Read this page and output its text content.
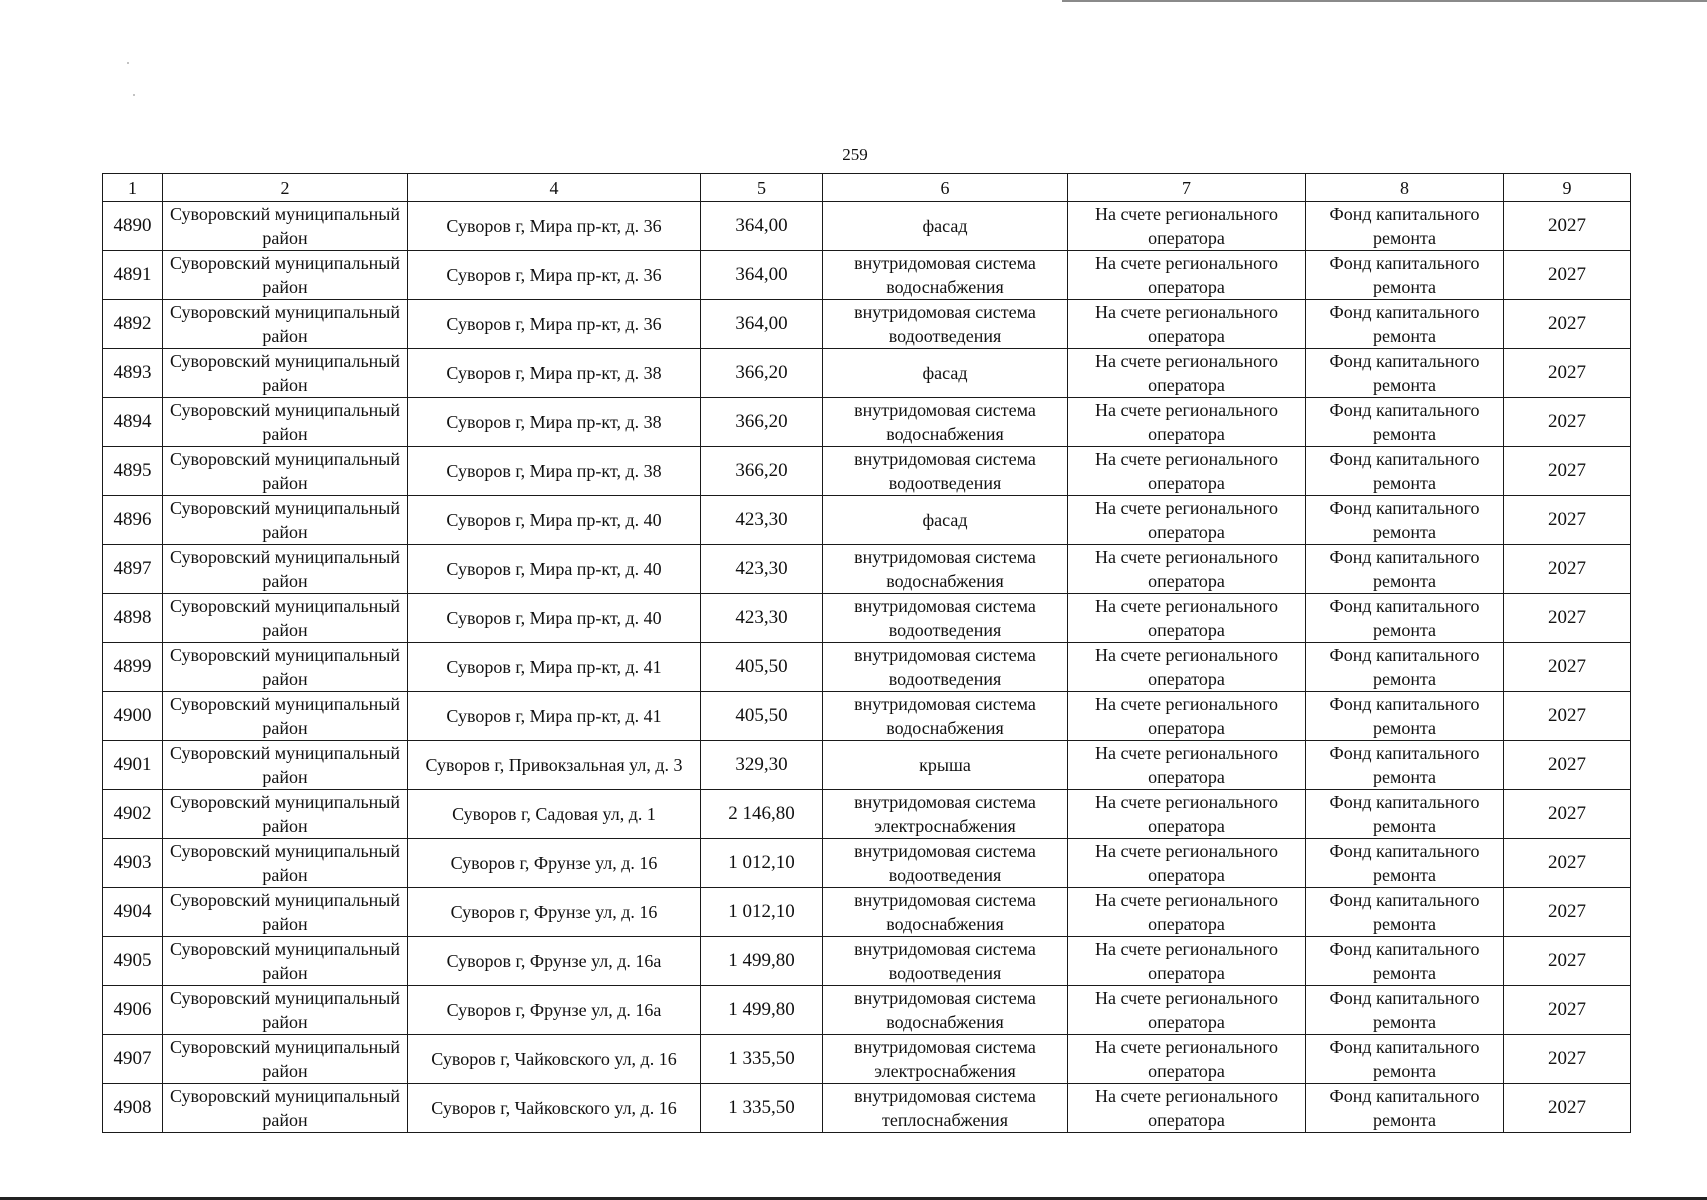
259
1	2	4	5	6	7	8	9
4890	Суворовский муниципальный район	Суворов г, Мира пр-кт, д. 36	364,00	фасад	На счете регионального оператора	Фонд капитального ремонта	2027
4891	Суворовский муниципальный район	Суворов г, Мира пр-кт, д. 36	364,00	внутридомовая система водоснабжения	На счете регионального оператора	Фонд капитального ремонта	2027
4892	Суворовский муниципальный район	Суворов г, Мира пр-кт, д. 36	364,00	внутридомовая система водоотведения	На счете регионального оператора	Фонд капитального ремонта	2027
4893	Суворовский муниципальный район	Суворов г, Мира пр-кт, д. 38	366,20	фасад	На счете регионального оператора	Фонд капитального ремонта	2027
4894	Суворовский муниципальный район	Суворов г, Мира пр-кт, д. 38	366,20	внутридомовая система водоснабжения	На счете регионального оператора	Фонд капитального ремонта	2027
4895	Суворовский муниципальный район	Суворов г, Мира пр-кт, д. 38	366,20	внутридомовая система водоотведения	На счете регионального оператора	Фонд капитального ремонта	2027
4896	Суворовский муниципальный район	Суворов г, Мира пр-кт, д. 40	423,30	фасад	На счете регионального оператора	Фонд капитального ремонта	2027
4897	Суворовский муниципальный район	Суворов г, Мира пр-кт, д. 40	423,30	внутридомовая система водоснабжения	На счете регионального оператора	Фонд капитального ремонта	2027
4898	Суворовский муниципальный район	Суворов г, Мира пр-кт, д. 40	423,30	внутридомовая система водоотведения	На счете регионального оператора	Фонд капитального ремонта	2027
4899	Суворовский муниципальный район	Суворов г, Мира пр-кт, д. 41	405,50	внутридомовая система водоотведения	На счете регионального оператора	Фонд капитального ремонта	2027
4900	Суворовский муниципальный район	Суворов г, Мира пр-кт, д. 41	405,50	внутридомовая система водоснабжения	На счете регионального оператора	Фонд капитального ремонта	2027
4901	Суворовский муниципальный район	Суворов г, Привокзальная ул, д. 3	329,30	крыша	На счете регионального оператора	Фонд капитального ремонта	2027
4902	Суворовский муниципальный район	Суворов г, Садовая ул, д. 1	2 146,80	внутридомовая система электроснабжения	На счете регионального оператора	Фонд капитального ремонта	2027
4903	Суворовский муниципальный район	Суворов г, Фрунзе ул, д. 16	1 012,10	внутридомовая система водоотведения	На счете регионального оператора	Фонд капитального ремонта	2027
4904	Суворовский муниципальный район	Суворов г, Фрунзе ул, д. 16	1 012,10	внутридомовая система водоснабжения	На счете регионального оператора	Фонд капитального ремонта	2027
4905	Суворовский муниципальный район	Суворов г, Фрунзе ул, д. 16а	1 499,80	внутридомовая система водоотведения	На счете регионального оператора	Фонд капитального ремонта	2027
4906	Суворовский муниципальный район	Суворов г, Фрунзе ул, д. 16а	1 499,80	внутридомовая система водоснабжения	На счете регионального оператора	Фонд капитального ремонта	2027
4907	Суворовский муниципальный район	Суворов г, Чайковского ул, д. 16	1 335,50	внутридомовая система электроснабжения	На счете регионального оператора	Фонд капитального ремонта	2027
4908	Суворовский муниципальный район	Суворов г, Чайковского ул, д. 16	1 335,50	внутридомовая система теплоснабжения	На счете регионального оператора	Фонд капитального ремонта	2027
